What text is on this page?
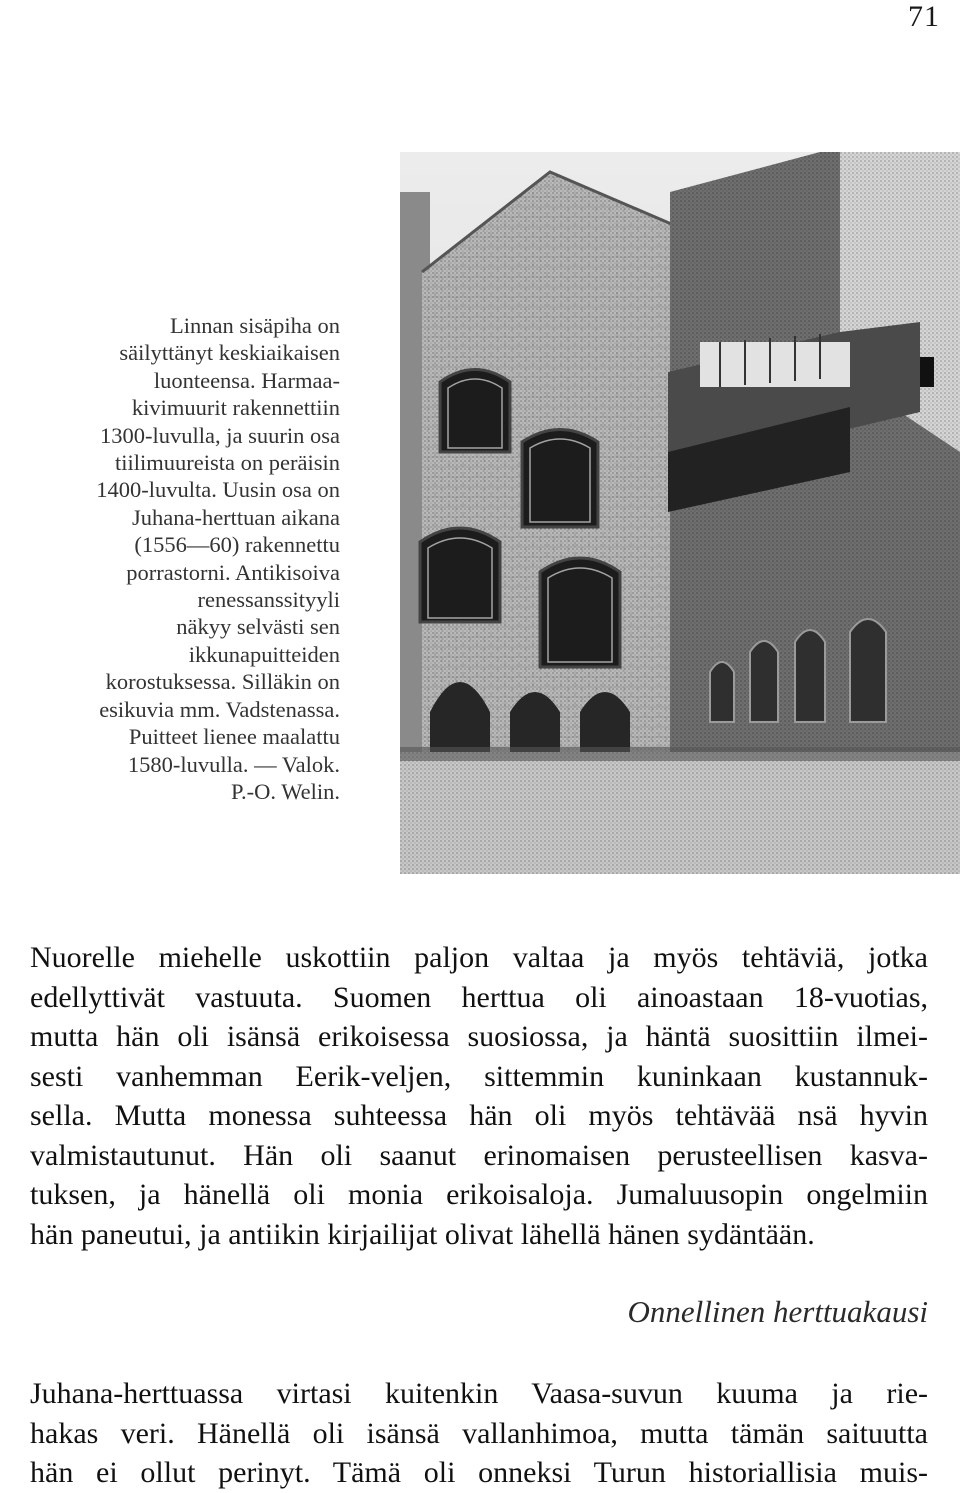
71
Linnan sisäpiha on
säilyttänyt keskiaikaisen
luonteensa. Harmaa-
kivimuurit rakennettiin
1300-luvulla, ja suurin osa
tiilimuureista on peräisin
1400-luvulta. Uusin osa on
Juhana-herttuan aikana
(1556—60) rakennettu
porrastorni. Antikisoiva
renessanssityyli
näkyy selvästi sen
ikkunapuitteiden
korostuksessa. Silläkin on
esikuvia mm. Vadstenassa.
Puitteet lienee maalattu
1580-luvulla. — Valok.
P.-O. Welin.
Nuorelle miehelle uskottiin paljon valtaa ja myös tehtäviä, jotka
edellyttivät vastuuta. Suomen herttua oli ainoastaan 18-vuotias,
mutta hän oli isänsä erikoisessa suosiossa, ja häntä suosittiin ilmei-
sesti vanhemman Eerik-veljen, sittemmin kuninkaan kustannuk-
sella. Mutta monessa suhteessa hän oli myös tehtävää nsä hyvin
valmistautunut. Hän oli saanut erinomaisen perusteellisen kasva-
tuksen, ja hänellä oli monia erikoisaloja. Jumaluusopin ongelmiin
hän paneutui, ja antiikin kirjailijat olivat lähellä hänen sydäntään.
Onnellinen herttuakausi
Juhana-herttuassa virtasi kuitenkin Vaasa-suvun kuuma ja rie-
hakas veri. Hänellä oli isänsä vallanhimoa, mutta tämän saituutta
hän ei ollut perinyt. Tämä oli onneksi Turun historiallisia muis-
